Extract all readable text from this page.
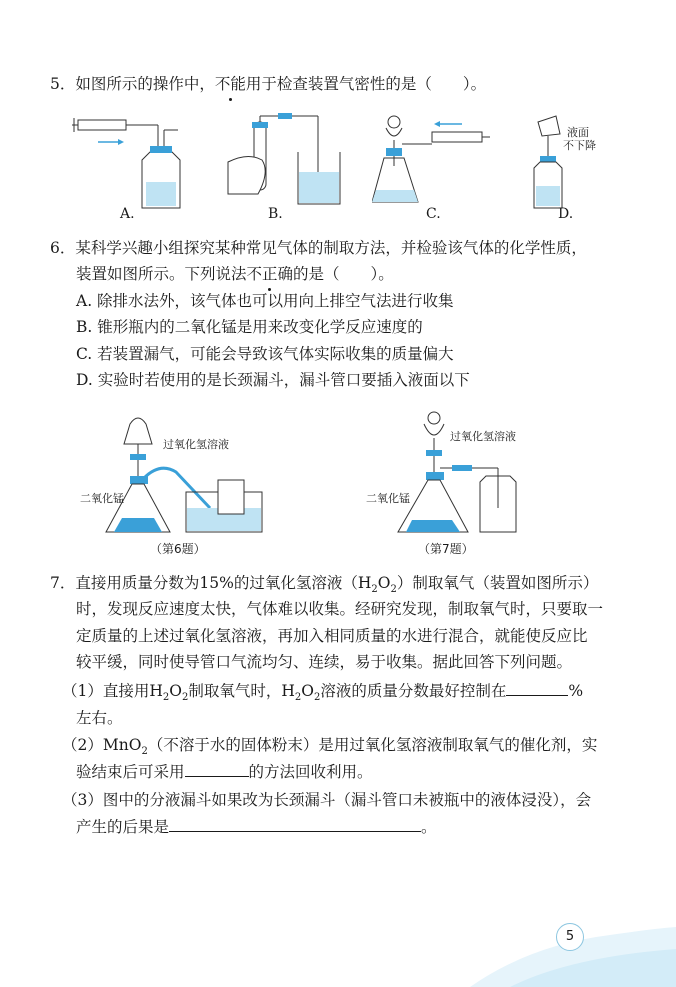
5．如图所示的操作中，不能用于检查装置气密性的是（　　）。
A.	B.	C.
液面
不下降
D.
6．某科学兴趣小组探究某种常见气体的制取方法，并检验该气体的化学性质，
装置如图所示。下列说法不正确的是（　　）。
A. 除排水法外，该气体也可以用向上排空气法进行收集
B. 锥形瓶内的二氧化锰是用来改变化学反应速度的
C. 若装置漏气，可能会导致该气体实际收集的质量偏大
D. 实验时若使用的是长颈漏斗，漏斗管口要插入液面以下
过氧化氢溶液
二氧化锰
（第6题）
过氧化氢溶液
二氧化锰
（第7题）
7．直接用质量分数为15%的过氧化氢溶液$(H_2O_2)$制取氧气（装置如图所示）
时，发现反应速度太快，气体难以收集。经研究发现，制取氧气时，只要取一
定质量的上述过氧化氢溶液，再加入相同质量的水进行混合，就能使反应比
较平缓，同时使导管口气流均匀、连续，易于收集。据此回答下列问题。
（1）直接用$H_2O_2$制取氧气时，$H_2O_2$溶液的质量分数最好控制在	%
左右。
（2）MnO$_2$（不溶于水的固体粉末）是用过氧化氢溶液制取氧气的催化剂，实
验结束后可采用	的方法回收利用。
（3）图中的分液漏斗如果改为长颈漏斗（漏斗管口未被瓶中的液体浸没），会
产生的后果是	。
5
